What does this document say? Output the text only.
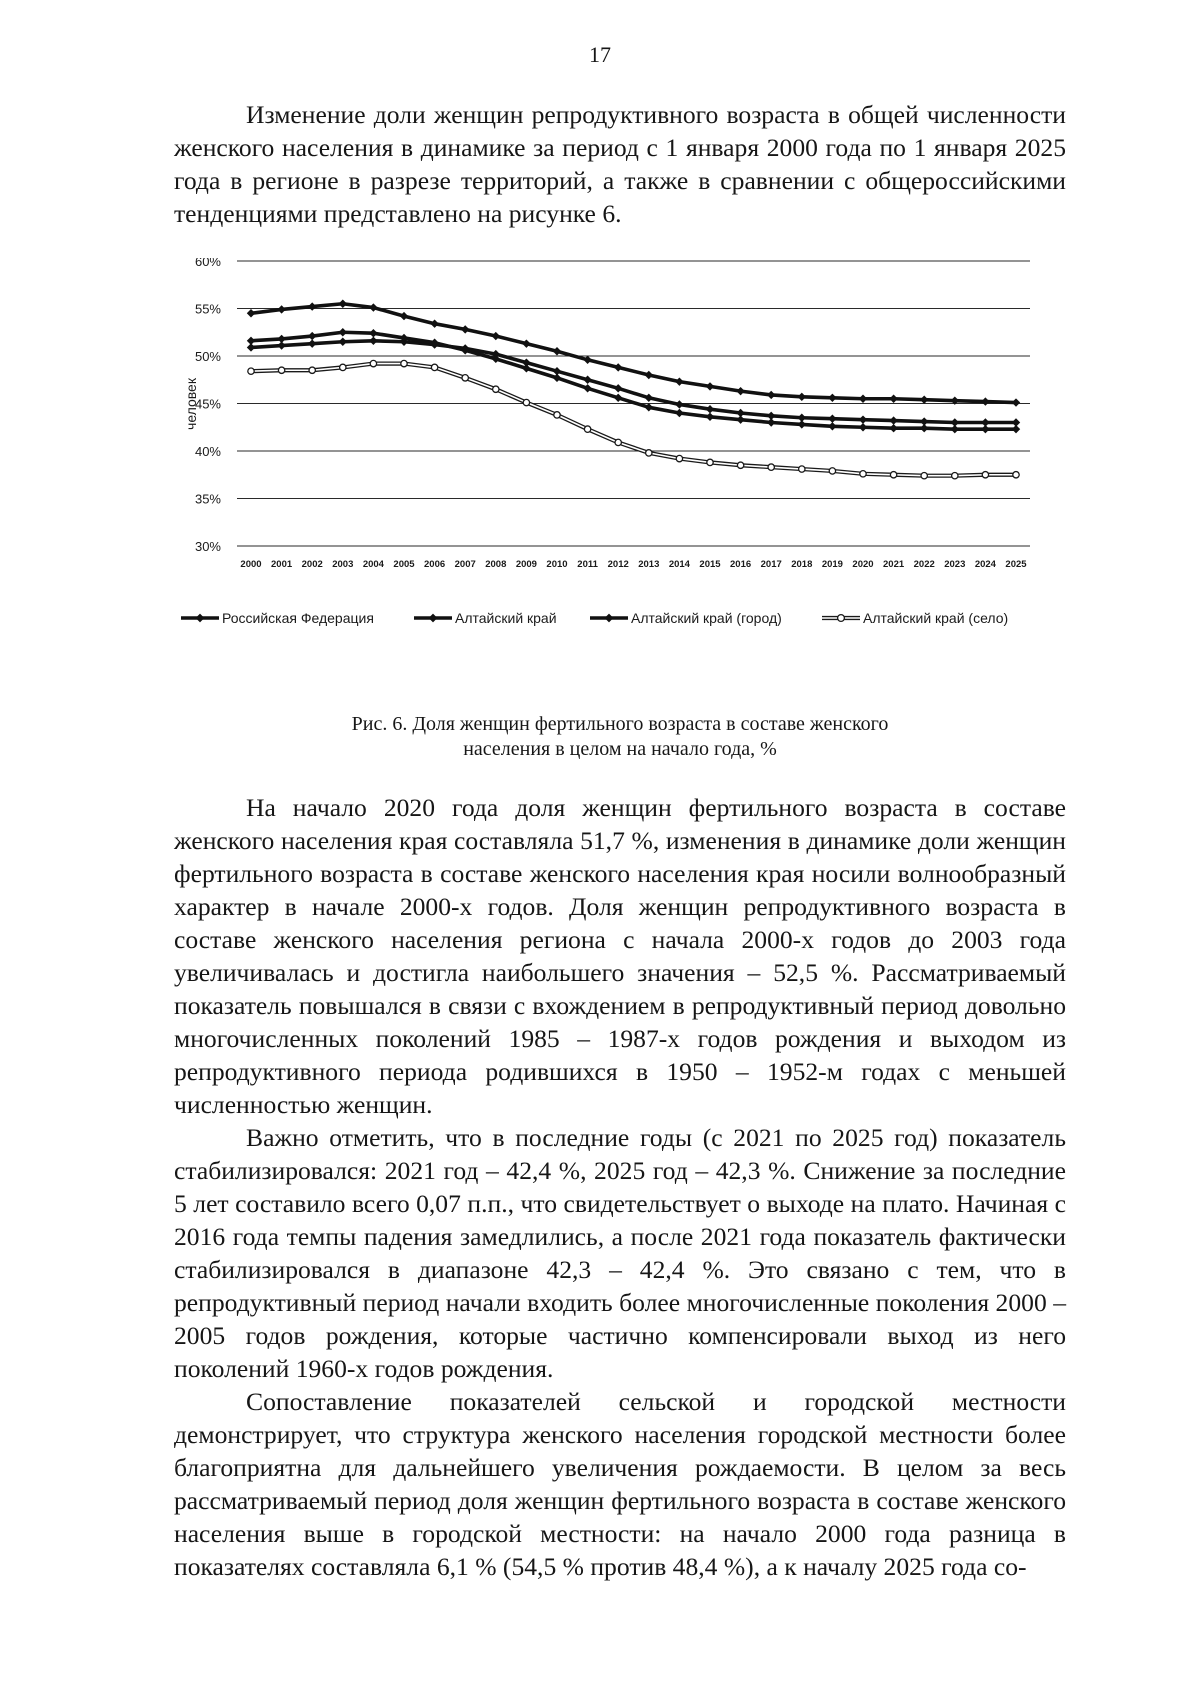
17

Изменение доли женщин репродуктивного возраста в общей численности женского населения в динамике за период с 1 января 2000 года по 1 января 2025 года в регионе в разрезе территорий, а также в сравнении с общероссийскими тенденциями представлено на рисунке 6.

30%
35%
40%
45%
50%
55%
60%
2000 2001 2002 2003 2004 2005 2006 2007 2008 2009 2010 2011 2012 2013 2014 2015 2016 2017 2018 2019 2020 2021 2022 2023 2024 2025
человек
Российская Федерация	Алтайский край	Алтайский край (город)	Алтайский край (село)
Рис. 6. Доля женщин фертильного возраста в составе женского
населения в целом на начало года, %

На начало 2020 года доля женщин фертильного возраста в составе женского населения края составляла 51,7 %, изменения в динамике доли женщин фертильного возраста в составе женского населения края носили волнообразный характер в начале 2000-х годов. Доля женщин репродуктивного возраста в составе женского населения региона с начала 2000-х годов до 2003 года увеличивалась и достигла наибольшего значения – 52,5 %. Рассматриваемый показатель повышался в связи с вхождением в репродуктивный период довольно многочисленных поколений 1985 – 1987-х годов рождения и выходом из репродуктивного периода родившихся в 1950 – 1952-м годах с меньшей численностью женщин.

Важно отметить, что в последние годы (с 2021 по 2025 год) показатель стабилизировался: 2021 год – 42,4 %, 2025 год – 42,3 %. Снижение за последние 5 лет составило всего 0,07 п.п., что свидетельствует о выходе на плато. Начиная с 2016 года темпы падения замедлились, а после 2021 года показатель фактически стабилизировался в диапазоне 42,3 – 42,4 %. Это связано с тем, что в репродуктивный период начали входить более многочисленные поколения 2000 – 2005 годов рождения, которые частично компенсировали выход из него поколений 1960-х годов рождения.

Сопоставление показателей сельской и городской местности демонстрирует, что структура женского населения городской местности более благоприятна для дальнейшего увеличения рождаемости. В целом за весь рассматриваемый период доля женщин фертильного возраста в составе женского населения выше в городской местности: на начало 2000 года разница в показателях составляла 6,1 % (54,5 % против 48,4 %), а к началу 2025 года со-
